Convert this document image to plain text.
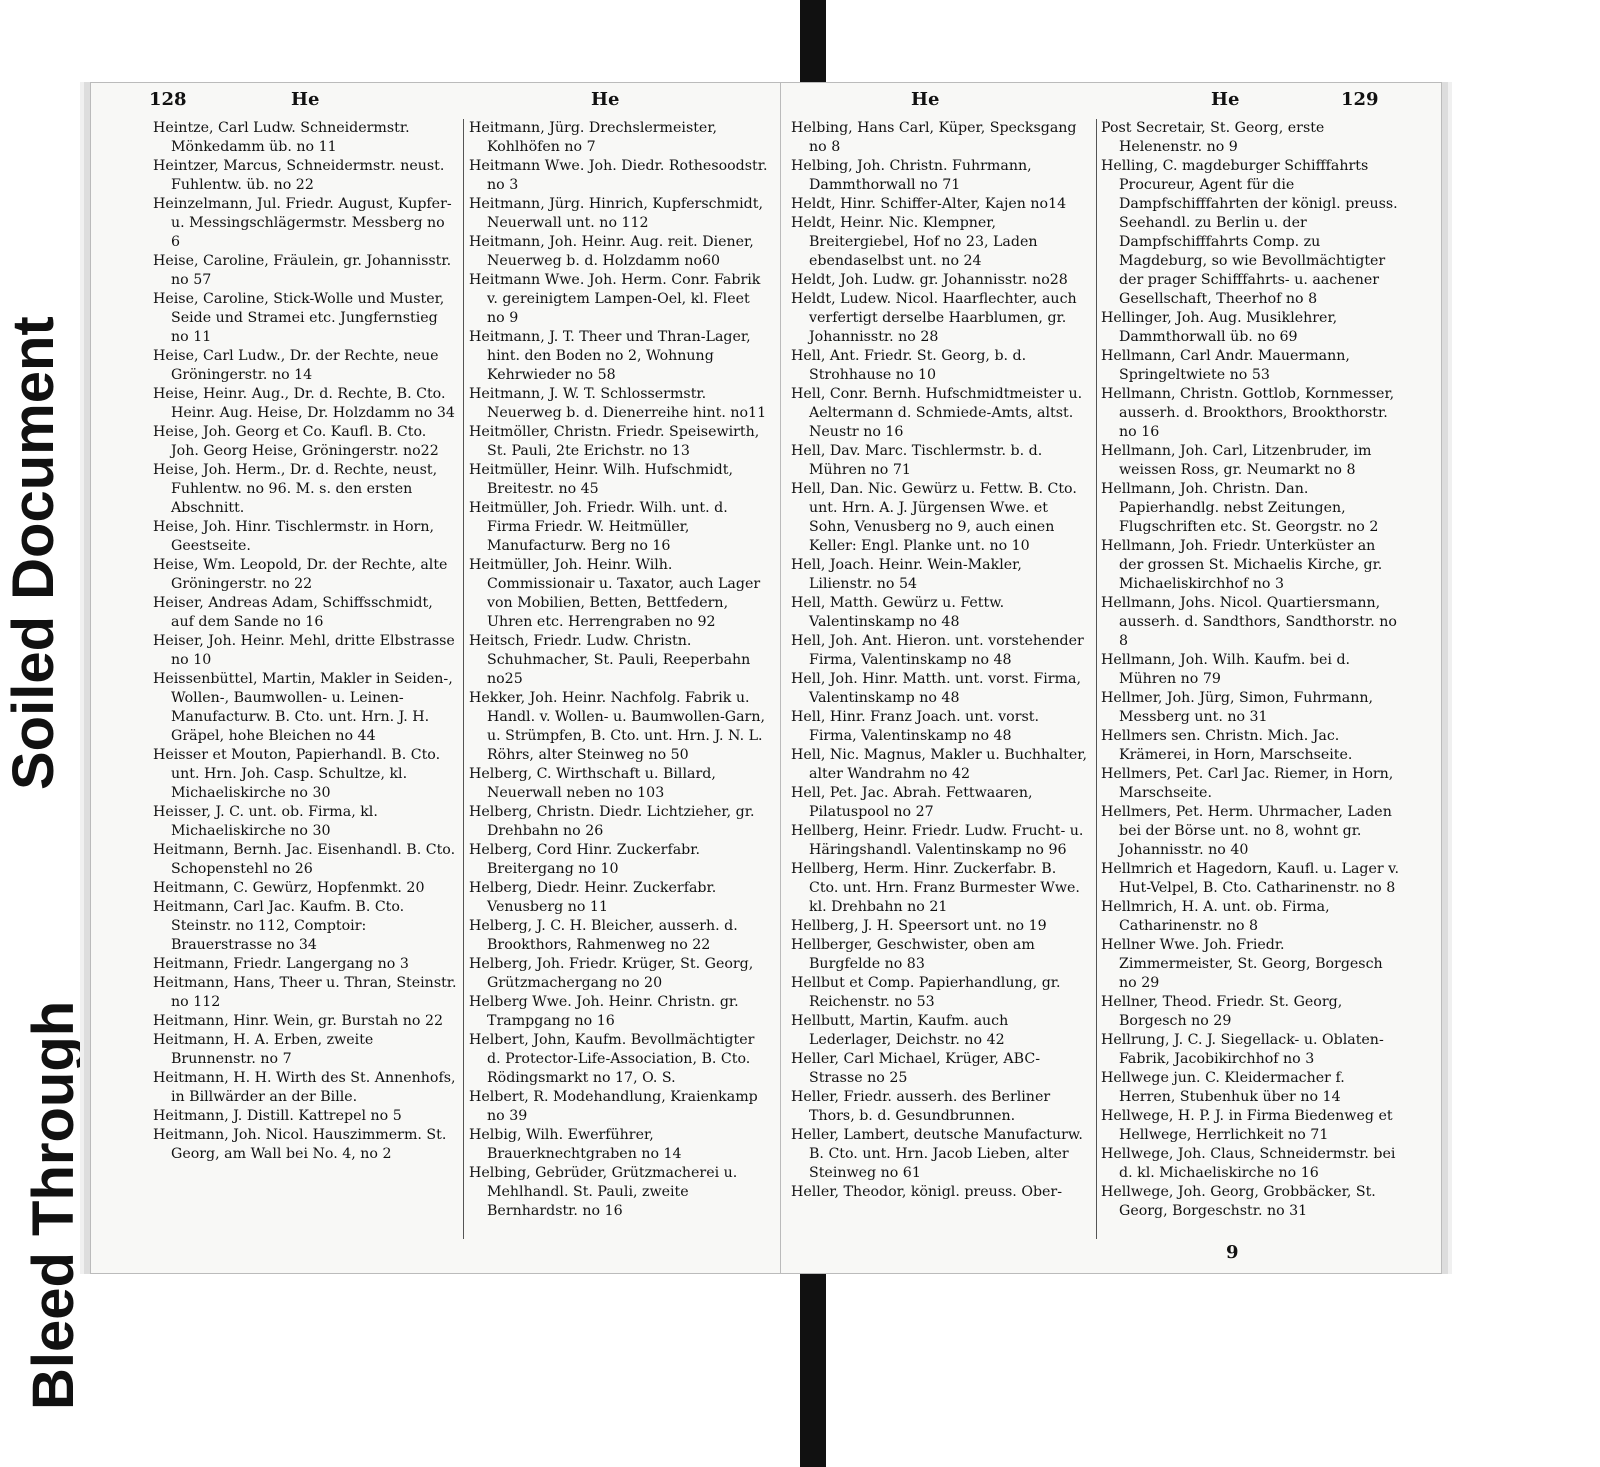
Soiled Document
Bleed Through
128	He	He
Heintze, Carl Ludw. Schneidermstr. Mönkedamm üb. no 11
Heintzer, Marcus, Schneidermstr. neust. Fuhlentw. üb. no 22
Heinzelmann, Jul. Friedr. August, Kupfer- u. Messingschlägermstr. Messberg no 6
Heise, Caroline, Fräulein, gr. Johannisstr. no 57
Heise, Caroline, Stick-Wolle und Muster, Seide und Stramei etc. Jungfernstieg no 11
Heise, Carl Ludw., Dr. der Rechte, neue Gröningerstr. no 14
Heise, Heinr. Aug., Dr. d. Rechte, B. Cto. Heinr. Aug. Heise, Dr. Holzdamm no 34
Heise, Joh. Georg et Co. Kaufl. B. Cto. Joh. Georg Heise, Gröningerstr. no22
Heise, Joh. Herm., Dr. d. Rechte, neust, Fuhlentw. no 96. M. s. den ersten Abschnitt.
Heise, Joh. Hinr. Tischlermstr. in Horn, Geestseite.
Heise, Wm. Leopold, Dr. der Rechte, alte Gröningerstr. no 22
Heiser, Andreas Adam, Schiffsschmidt, auf dem Sande no 16
Heiser, Joh. Heinr. Mehl, dritte Elbstrasse no 10
Heissenbüttel, Martin, Makler in Seiden-, Wollen-, Baumwollen- u. Leinen-Manufacturw. B. Cto. unt. Hrn. J. H. Gräpel, hohe Bleichen no 44
Heisser et Mouton, Papierhandl. B. Cto. unt. Hrn. Joh. Casp. Schultze, kl. Michaeliskirche no 30
Heisser, J. C. unt. ob. Firma, kl. Michaeliskirche no 30
Heitmann, Bernh. Jac. Eisenhandl. B. Cto. Schopenstehl no 26
Heitmann, C. Gewürz, Hopfenmkt. 20
Heitmann, Carl Jac. Kaufm. B. Cto. Steinstr. no 112, Comptoir: Brauerstrasse no 34
Heitmann, Friedr. Langergang no 3
Heitmann, Hans, Theer u. Thran, Steinstr. no 112
Heitmann, Hinr. Wein, gr. Burstah no 22
Heitmann, H. A. Erben, zweite Brunnenstr. no 7
Heitmann, H. H. Wirth des St. Annenhofs, in Billwärder an der Bille.
Heitmann, J. Distill. Kattrepel no 5
Heitmann, Joh. Nicol. Hauszimmerm. St. Georg, am Wall bei No. 4, no 2
Heitmann, Jürg. Drechslermeister, Kohlhöfen no 7
Heitmann Wwe. Joh. Diedr. Rothesoodstr. no 3
Heitmann, Jürg. Hinrich, Kupferschmidt, Neuerwall unt. no 112
Heitmann, Joh. Heinr. Aug. reit. Diener, Neuerweg b. d. Holzdamm no60
Heitmann Wwe. Joh. Herm. Conr. Fabrik v. gereinigtem Lampen-Oel, kl. Fleet no 9
Heitmann, J. T. Theer und Thran-Lager, hint. den Boden no 2, Wohnung Kehrwieder no 58
Heitmann, J. W. T. Schlossermstr. Neuerweg b. d. Dienerreihe hint. no11
Heitmöller, Christn. Friedr. Speisewirth, St. Pauli, 2te Erichstr. no 13
Heitmüller, Heinr. Wilh. Hufschmidt, Breitestr. no 45
Heitmüller, Joh. Friedr. Wilh. unt. d. Firma Friedr. W. Heitmüller, Manufacturw. Berg no 16
Heitmüller, Joh. Heinr. Wilh. Commissionair u. Taxator, auch Lager von Mobilien, Betten, Bettfedern, Uhren etc. Herrengraben no 92
Heitsch, Friedr. Ludw. Christn. Schuhmacher, St. Pauli, Reeperbahn no25
Hekker, Joh. Heinr. Nachfolg. Fabrik u. Handl. v. Wollen- u. Baumwollen-Garn, u. Strümpfen, B. Cto. unt. Hrn. J. N. L. Röhrs, alter Steinweg no 50
Helberg, C. Wirthschaft u. Billard, Neuerwall neben no 103
Helberg, Christn. Diedr. Lichtzieher, gr. Drehbahn no 26
Helberg, Cord Hinr. Zuckerfabr. Breitergang no 10
Helberg, Diedr. Heinr. Zuckerfabr. Venusberg no 11
Helberg, J. C. H. Bleicher, ausserh. d. Brookthors, Rahmenweg no 22
Helberg, Joh. Friedr. Krüger, St. Georg, Grützmachergang no 20
Helberg Wwe. Joh. Heinr. Christn. gr. Trampgang no 16
Helbert, John, Kaufm. Bevollmächtigter d. Protector-Life-Association, B. Cto. Rödingsmarkt no 17, O. S.
Helbert, R. Modehandlung, Kraienkamp no 39
Helbig, Wilh. Ewerführer, Brauerknechtgraben no 14
Helbing, Gebrüder, Grützmacherei u. Mehlhandl. St. Pauli, zweite Bernhardstr. no 16
He	He	129
Helbing, Hans Carl, Küper, Specksgang no 8
Helbing, Joh. Christn. Fuhrmann, Dammthorwall no 71
Heldt, Hinr. Schiffer-Alter, Kajen no14
Heldt, Heinr. Nic. Klempner, Breitergiebel, Hof no 23, Laden ebendaselbst unt. no 24
Heldt, Joh. Ludw. gr. Johannisstr. no28
Heldt, Ludew. Nicol. Haarflechter, auch verfertigt derselbe Haarblumen, gr. Johannisstr. no 28
Hell, Ant. Friedr. St. Georg, b. d. Strohhause no 10
Hell, Conr. Bernh. Hufschmidtmeister u. Aeltermann d. Schmiede-Amts, altst. Neustr no 16
Hell, Dav. Marc. Tischlermstr. b. d. Mühren no 71
Hell, Dan. Nic. Gewürz u. Fettw. B. Cto. unt. Hrn. A. J. Jürgensen Wwe. et Sohn, Venusberg no 9, auch einen Keller: Engl. Planke unt. no 10
Hell, Joach. Heinr. Wein-Makler, Lilienstr. no 54
Hell, Matth. Gewürz u. Fettw. Valentinskamp no 48
Hell, Joh. Ant. Hieron. unt. vorstehender Firma, Valentinskamp no 48
Hell, Joh. Hinr. Matth. unt. vorst. Firma, Valentinskamp no 48
Hell, Hinr. Franz Joach. unt. vorst. Firma, Valentinskamp no 48
Hell, Nic. Magnus, Makler u. Buchhalter, alter Wandrahm no 42
Hell, Pet. Jac. Abrah. Fettwaaren, Pilatuspool no 27
Hellberg, Heinr. Friedr. Ludw. Frucht- u. Häringshandl. Valentinskamp no 96
Hellberg, Herm. Hinr. Zuckerfabr. B. Cto. unt. Hrn. Franz Burmester Wwe. kl. Drehbahn no 21
Hellberg, J. H. Speersort unt. no 19
Hellberger, Geschwister, oben am Burgfelde no 83
Hellbut et Comp. Papierhandlung, gr. Reichenstr. no 53
Hellbutt, Martin, Kaufm. auch Lederlager, Deichstr. no 42
Heller, Carl Michael, Krüger, ABC-Strasse no 25
Heller, Friedr. ausserh. des Berliner Thors, b. d. Gesundbrunnen.
Heller, Lambert, deutsche Manufacturw. B. Cto. unt. Hrn. Jacob Lieben, alter Steinweg no 61
Heller, Theodor, königl. preuss. Ober-
Post Secretair, St. Georg, erste Helenenstr. no 9
Helling, C. magdeburger Schifffahrts Procureur, Agent für die Dampfschifffahrten der königl. preuss. Seehandl. zu Berlin u. der Dampfschifffahrts Comp. zu Magdeburg, so wie Bevollmächtigter der prager Schifffahrts- u. aachener Gesellschaft, Theerhof no 8
Hellinger, Joh. Aug. Musiklehrer, Dammthorwall üb. no 69
Hellmann, Carl Andr. Mauermann, Springeltwiete no 53
Hellmann, Christn. Gottlob, Kornmesser, ausserh. d. Brookthors, Brookthorstr. no 16
Hellmann, Joh. Carl, Litzenbruder, im weissen Ross, gr. Neumarkt no 8
Hellmann, Joh. Christn. Dan. Papierhandlg. nebst Zeitungen, Flugschriften etc. St. Georgstr. no 2
Hellmann, Joh. Friedr. Unterküster an der grossen St. Michaelis Kirche, gr. Michaeliskirchhof no 3
Hellmann, Johs. Nicol. Quartiersmann, ausserh. d. Sandthors, Sandthorstr. no 8
Hellmann, Joh. Wilh. Kaufm. bei d. Mühren no 79
Hellmer, Joh. Jürg, Simon, Fuhrmann, Messberg unt. no 31
Hellmers sen. Christn. Mich. Jac. Krämerei, in Horn, Marschseite.
Hellmers, Pet. Carl Jac. Riemer, in Horn, Marschseite.
Hellmers, Pet. Herm. Uhrmacher, Laden bei der Börse unt. no 8, wohnt gr. Johannisstr. no 40
Hellmrich et Hagedorn, Kaufl. u. Lager v. Hut-Velpel, B. Cto. Catharinenstr. no 8
Hellmrich, H. A. unt. ob. Firma, Catharinenstr. no 8
Hellner Wwe. Joh. Friedr. Zimmermeister, St. Georg, Borgesch no 29
Hellner, Theod. Friedr. St. Georg, Borgesch no 29
Hellrung, J. C. J. Siegellack- u. Oblaten-Fabrik, Jacobikirchhof no 3
Hellwege jun. C. Kleidermacher f. Herren, Stubenhuk über no 14
Hellwege, H. P. J. in Firma Biedenweg et Hellwege, Herrlichkeit no 71
Hellwege, Joh. Claus, Schneidermstr. bei d. kl. Michaeliskirche no 16
Hellwege, Joh. Georg, Grobbäcker, St. Georg, Borgeschstr. no 31
9
